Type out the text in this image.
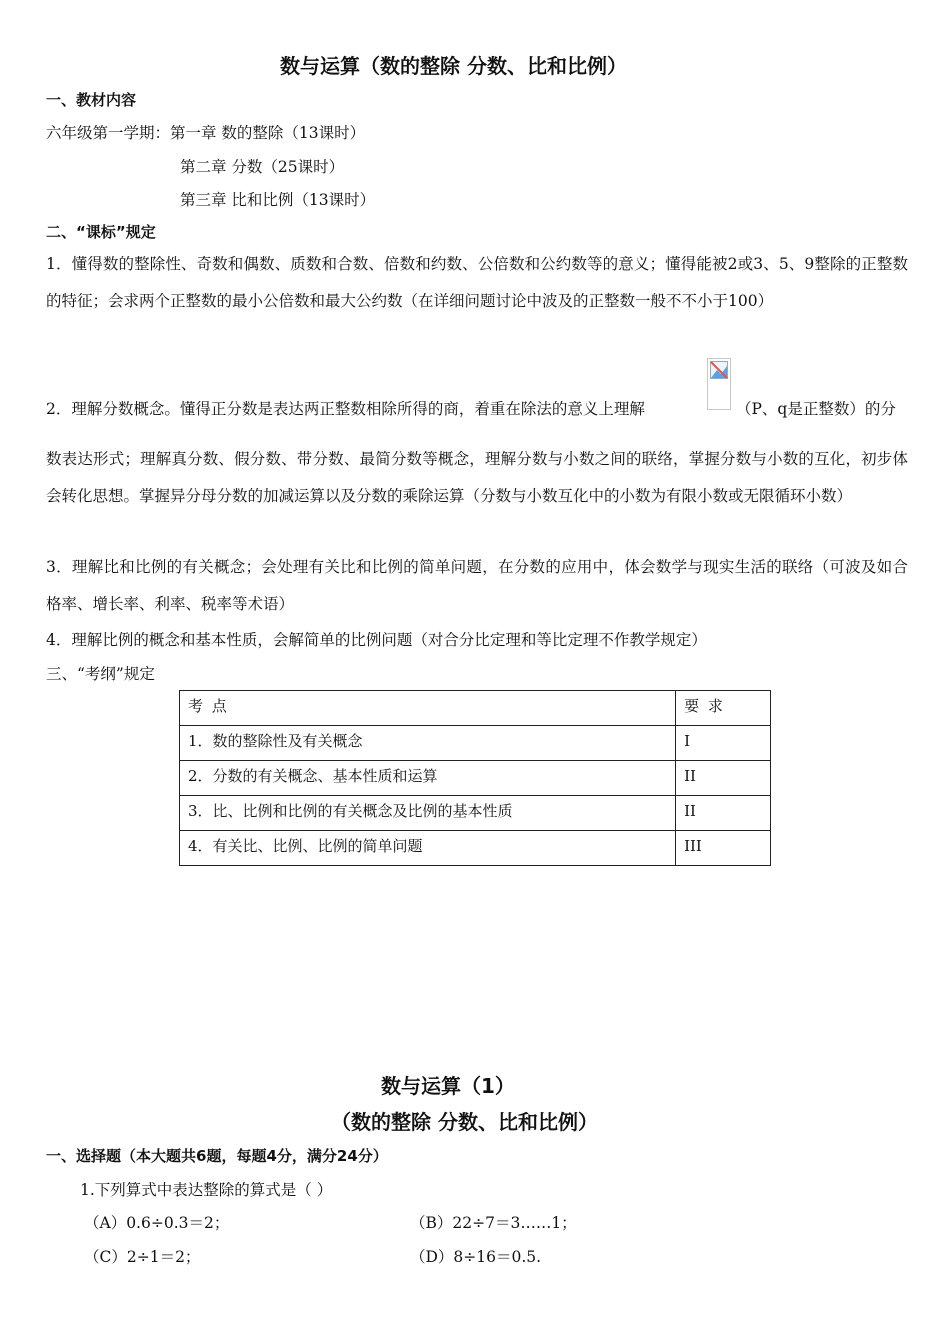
数与运算（数的整除 分数、比和比例）
一、教材内容
六年级第一学期：第一章 数的整除（13课时）
第二章 分数（25课时）
第三章 比和比例（13课时）
二、“课标”规定
1．懂得数的整除性、奇数和偶数、质数和合数、倍数和约数、公倍数和公约数等的意义；懂得能被2或3、5、9整除的正整数的特征；会求两个正整数的最小公倍数和最大公约数（在详细问题讨论中波及的正整数一般不不小于100）
2．理解分数概念。懂得正分数是表达两正整数相除所得的商，着重在除法的意义上理解	（P、q是正整数）的分
数表达形式；理解真分数、假分数、带分数、最简分数等概念，理解分数与小数之间的联络，掌握分数与小数的互化，初步体会转化思想。掌握异分母分数的加减运算以及分数的乘除运算（分数与小数互化中的小数为有限小数或无限循环小数）
3．理解比和比例的有关概念；会处理有关比和比例的简单问题，在分数的应用中，体会数学与现实生活的联络（可波及如合格率、增长率、利率、税率等术语）
4．理解比例的概念和基本性质，会解简单的比例问题（对合分比定理和等比定理不作教学规定）
三、“考纲”规定
考 点	要 求
1．数的整除性及有关概念	I
2．分数的有关概念、基本性质和运算	II
3．比、比例和比例的有关概念及比例的基本性质	II
4．有关比、比例、比例的简单问题	III
数与运算（1）
（数的整除 分数、比和比例）
一、选择题（本大题共6题，每题4分，满分24分）
1.下列算式中表达整除的算式是（ ）
（A）0.6÷0.3＝2；	（B）22÷7＝3……1；
（C）2÷1＝2；	（D）8÷16＝0.5.
